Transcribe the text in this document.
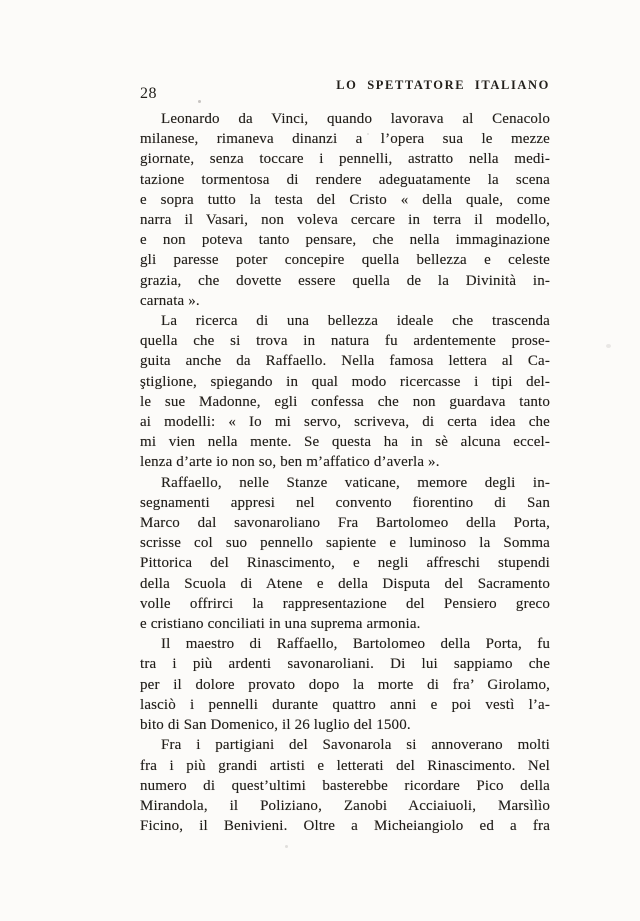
28	LO SPETTATORE ITALIANO
Leonardo da Vinci, quando lavorava al Cenacolo
milanese, rimaneva dinanzi a l’opera sua le mezze
giornate, senza toccare i pennelli, astratto nella medi-
tazione tormentosa di rendere adeguatamente la scena
e sopra tutto la testa del Cristo « della quale, come
narra il Vasari, non voleva cercare in terra il modello,
e non poteva tanto pensare, che nella immaginazione
gli paresse poter concepire quella bellezza e celeste
grazia, che dovette essere quella de la Divinità in-
carnata ».
La ricerca di una bellezza ideale che trascenda
quella che si trova in natura fu ardentemente prose-
guita anche da Raffaello. Nella famosa lettera al Ca-
ştiglione, spiegando in qual modo ricercasse i tipi del-
le sue Madonne, egli confessa che non guardava tanto
ai modelli: « Io mi servo, scriveva, di certa idea che
mi vien nella mente. Se questa ha in sè alcuna eccel-
lenza d’arte io non so, ben m’affatico d’averla ».
Raffaello, nelle Stanze vaticane, memore degli in-
segnamenti appresi nel convento fiorentino di San
Marco dal savonaroliano Fra Bartolomeo della Porta,
scrisse col suo pennello sapiente e luminoso la Somma
Pittorica del Rinascimento, e negli affreschi stupendi
della Scuola di Atene e della Disputa del Sacramento
volle offrirci la rappresentazione del Pensiero greco
e cristiano conciliati in una suprema armonia.
Il maestro di Raffaello, Bartolomeo della Porta, fu
tra i più ardenti savonaroliani. Di lui sappiamo che
per il dolore provato dopo la morte di fra’ Girolamo,
lasciò i pennelli durante quattro anni e poi vestì l’a-
bito di San Domenico, il 26 luglio del 1500.
Fra i partigiani del Savonarola si annoverano molti
fra i più grandi artisti e letterati del Rinascimento. Nel
numero di quest’ultimi basterebbe ricordare Pico della
Mirandola, il Poliziano, Zanobi Acciaiuoli, Marsìlìo
Ficino, il Benivieni. Oltre a Micheiangiolo ed a fra
